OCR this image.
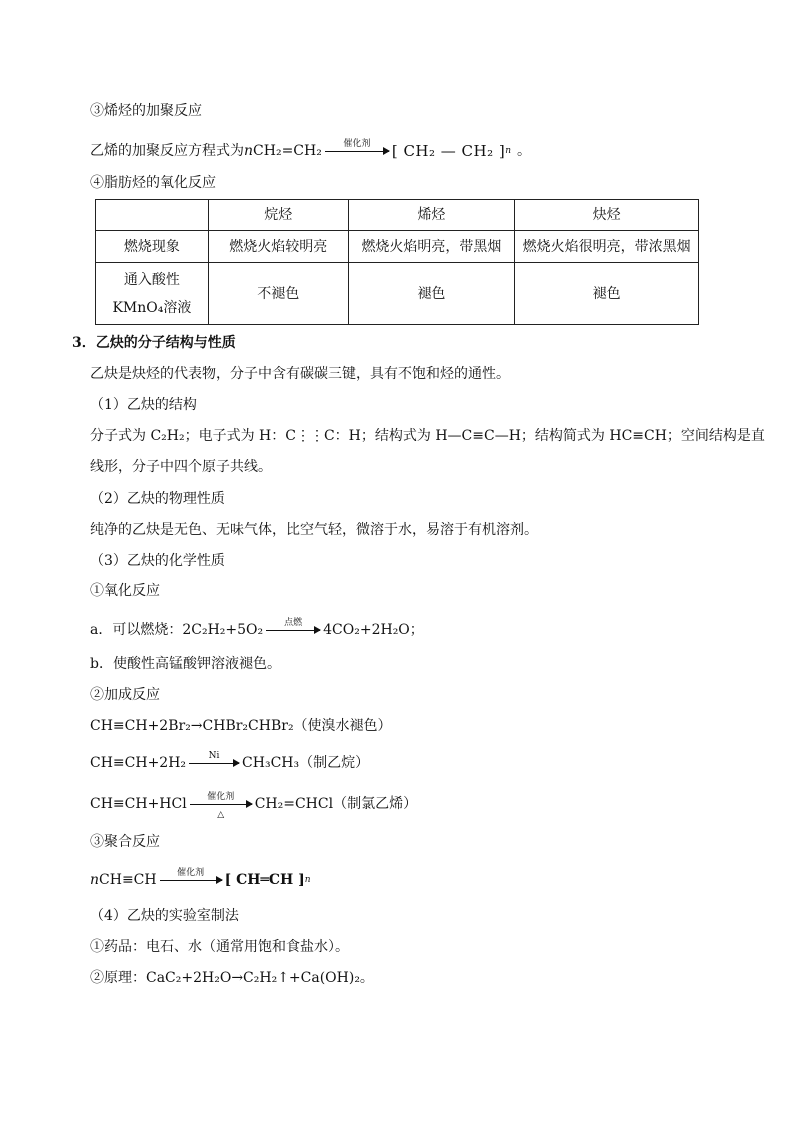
③烯烃的加聚反应
乙烯的加聚反应方程式为 n CH₂=CH₂	催化剂	[ CH₂ — CH₂ ] n 。
④脂肪烃的氧化反应
	烷烃	烯烃	炔烃
燃烧现象	燃烧火焰较明亮	燃烧火焰明亮，带黑烟	燃烧火焰很明亮，带浓黑烟

通入酸性
KMnO₄溶液	不褪色	褪色	褪色
3．乙炔的分子结构与性质
乙炔是炔烃的代表物，分子中含有碳碳三键，具有不饱和烃的通性。
（1）乙炔的结构
分子式为 C₂H₂；电子式为 H：C⋮⋮C：H；结构式为 H—C≡C—H；结构简式为 HC≡CH；空间结构是直
线形，分子中四个原子共线。
（2）乙炔的物理性质
纯净的乙炔是无色、无味气体，比空气轻，微溶于水，易溶于有机溶剂。
（3）乙炔的化学性质
①氧化反应
a．可以燃烧：2C₂H₂+5O₂	点燃	4CO₂+2H₂O；
b．使酸性高锰酸钾溶液褪色。
②加成反应
CH≡CH+2Br₂→CHBr₂CHBr₂（使溴水褪色）
CH≡CH+2H₂	Ni	CH₃CH₃（制乙烷）
CH≡CH+HCl	催化剂
△
CH₂=CHCl（制氯乙烯）
③聚合反应
n CH≡CH	催化剂	[ CH═CH ] n
（4）乙炔的实验室制法
①药品：电石、水（通常用饱和食盐水）。
②原理：CaC₂+2H₂O→C₂H₂↑+Ca(OH)₂。
